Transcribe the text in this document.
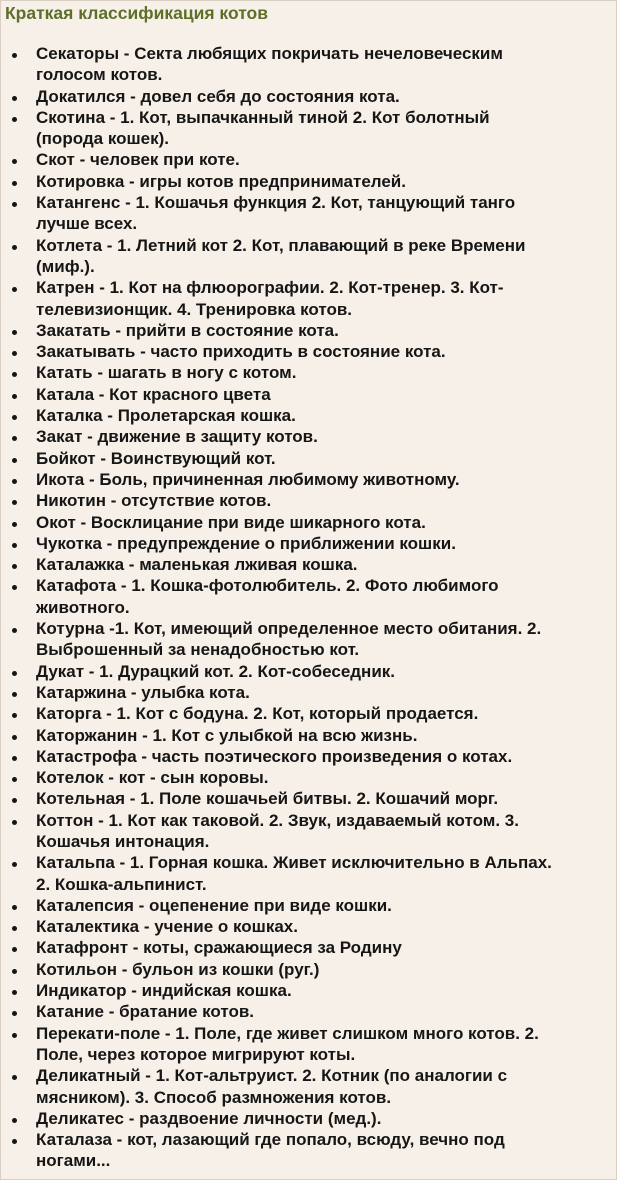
Краткая классификация котов
Секаторы - Секта любящих покричать нечеловеческим
голосом котов.
Докатился - довел себя до состояния кота.
Скотина - 1. Кот, выпачканный тиной 2. Кот болотный
(порода кошек).
Скот - человек при коте.
Котировка - игры котов предпринимателей.
Катангенс - 1. Кошачья функция 2. Кот, танцующий танго
лучше всех.
Котлета - 1. Летний кот 2. Кот, плавающий в реке Времени
(миф.).
Катрен - 1. Кот на флюорографии. 2. Кот-тренер. 3. Кот-
телевизионщик. 4. Тренировка котов.
Закатать - прийти в состояние кота.
Закатывать - часто приходить в состояние кота.
Катать - шагать в ногу с котом.
Катала - Кот красного цвета
Каталка - Пролетарская кошка.
Закат - движение в защиту котов.
Бойкот - Воинствующий кот.
Икота - Боль, причиненная любимому животному.
Никотин - отсутствие котов.
Окот - Восклицание при виде шикарного кота.
Чукотка - предупреждение о приближении кошки.
Каталажка - маленькая лживая кошка.
Катафота - 1. Кошка-фотолюбитель. 2. Фото любимого
животного.
Котурна -1. Кот, имеющий определенное место обитания. 2.
Выброшенный за ненадобностью кот.
Дукат - 1. Дурацкий кот. 2. Кот-собеседник.
Катаржина - улыбка кота.
Каторга - 1. Кот с бодуна. 2. Кот, который продается.
Каторжанин - 1. Кот с улыбкой на всю жизнь.
Катастрофа - часть поэтического произведения о котах.
Котелок - кот - сын коровы.
Котельная - 1. Поле кошачьей битвы. 2. Кошачий морг.
Коттон - 1. Кот как таковой. 2. Звук, издаваемый котом. 3.
Кошачья интонация.
Катальпа - 1. Горная кошка. Живет исключительно в Альпах.
2. Кошка-альпинист.
Каталепсия - оцепенение при виде кошки.
Каталектика - учение о кошках.
Катафронт - коты, сражающиеся за Родину
Котильон - бульон из кошки (руг.)
Индикатор - индийская кошка.
Катание - братание котов.
Перекати-поле - 1. Поле, где живет слишком много котов. 2.
Поле, через которое мигрируют коты.
Деликатный - 1. Кот-альтруист. 2. Котник (по аналогии с
мясником). 3. Способ размножения котов.
Деликатес - раздвоение личности (мед.).
Каталаза - кот, лазающий где попало, всюду, вечно под
ногами...
